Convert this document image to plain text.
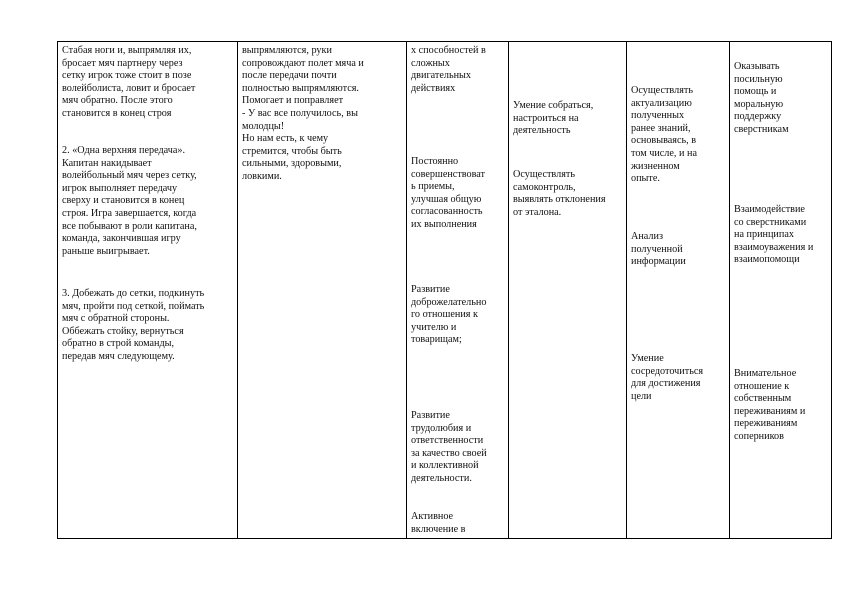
Стабая ноги и, выпрямляя их,
бросает мяч партнеру через
сетку игрок тоже стоит в позе
волейболиста, ловит и бросает
мяч обратно. После этого
становится в конец строя

2. «Одна верхняя передача».
Капитан накидывает
волейбольный мяч через сетку,
игрок выполняет передачу
сверху и становится в конец
строя. Игра завершается, когда
все побывают в роли капитана,
команда, закончившая игру
раньше выигрывает.

3. Добежать до сетки, подкинуть
мяч, пройти под сеткой, поймать
мяч с обратной стороны.
Оббежать стойку, вернуться
обратно в строй команды,
передав мяч следующему.

выпрямляются, руки
сопровождают полет мяча и
после передачи почти
полностью выпрямляются.
Помогает и поправляет
- У вас все получилось, вы
молодцы!
Но нам есть, к чему
стремится, чтобы быть
сильными, здоровыми,
ловкими.

х способностей в
сложных
двигательных
действиях

Постоянно
совершенствоват
ь приемы,
улучшая общую
согласованность
их выполнения

Развитие
доброжелательно
го отношения к
учителю и
товарищам;

Развитие
трудолюбия и
ответственности
за качество своей
и коллективной
деятельности.

Активное
включение в

Умение собраться,
настроиться на
деятельность

Осуществлять
самоконтроль,
выявлять отклонения
от эталона.

Осуществлять
актуализацию
полученных
ранее знаний,
основываясь, в
том числе, и на
жизненном
опыте.

Анализ
полученной
информации

Умение
сосредоточиться
для достижения
цели

Оказывать
посильную
помощь и
моральную
поддержку
сверстникам

Взаимодействие
со сверстниками
на принципах
взаимоуважения и
взаимопомощи

Внимательное
отношение к
собственным
переживаниям и
переживаниям
соперников
